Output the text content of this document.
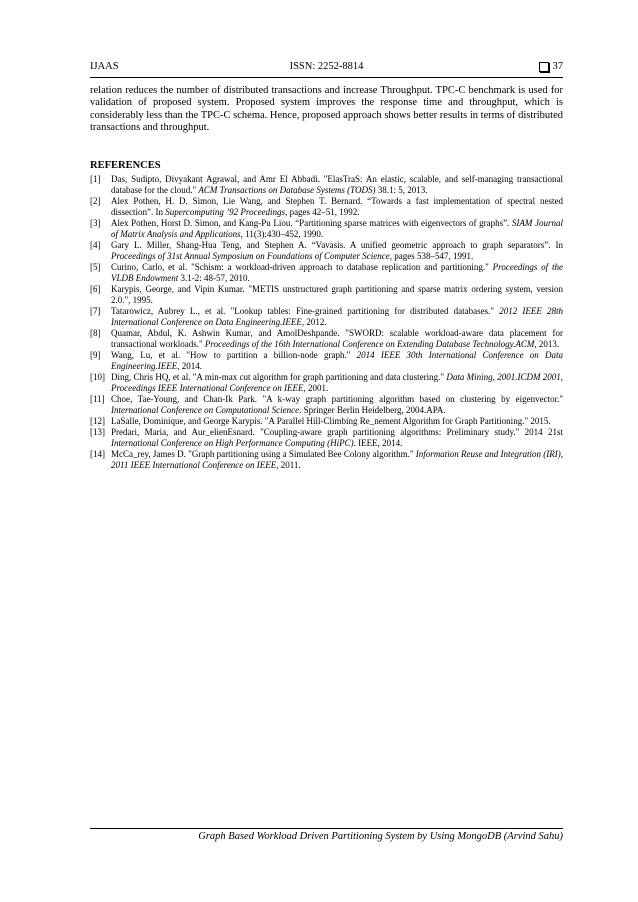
IJAAS	ISSN: 2252-8814	37

relation reduces the number of distributed transactions and increase Throughput. TPC-C benchmark is used for validation of proposed system. Proposed system improves the response time and throughput, which is considerably less than the TPC-C schema. Hence, proposed approach shows better results in terms of distributed transactions and throughput.

REFERENCES

[1] Das, Sudipto, Divyakant Agrawal, and Amr El Abbadi. "ElasTraS: An elastic, scalable, and self-managing transactional database for the cloud." ACM Transactions on Database Systems (TODS) 38.1: 5, 2013.
[2] Alex Pothen, H. D. Simon, Lie Wang, and Stephen T. Bernard. “Towards a fast implementation of spectral nested dissection”. In Supercomputing ’92 Proceedings, pages 42–51, 1992.
[3] Alex Pothen, Horst D. Simon, and Kang-Pu Liou. “Partitioning sparse matrices with eigenvectors of graphs”. SIAM Journal of Matrix Analysis and Applications, 11(3):430–452, 1990.
[4] Gary L. Miller, Shang-Hua Teng, and Stephen A. “Vavasis. A unified geometric approach to graph separators”. In Proceedings of 31st Annual Symposium on Foundations of Computer Science, pages 538–547, 1991.
[5] Curino, Carlo, et al. "Schism: a workload-driven approach to database replication and partitioning." Proceedings of the VLDB Endowment 3.1-2: 48-57, 2010.
[6] Karypis, George, and Vipin Kumar. "METIS unstructured graph partitioning and sparse matrix ordering system, version 2.0.", 1995.
[7] Tatarowicz, Aubrey L., et al. "Lookup tables: Fine-grained partitioning for distributed databases." 2012 IEEE 28th International Conference on Data Engineering.IEEE, 2012.
[8] Quamar, Abdul, K. Ashwin Kumar, and AmolDeshpande. "SWORD: scalable workload-aware data placement for transactional workloads." Proceedings of the 16th International Conference on Extending Database Technology.ACM, 2013.
[9] Wang, Lu, et al. "How to partition a billion-node graph." 2014 IEEE 30th International Conference on Data Engineering.IEEE, 2014.
[10] Ding, Chris HQ, et al. "A min-max cut algorithm for graph partitioning and data clustering." Data Mining, 2001.ICDM 2001, Proceedings IEEE International Conference on IEEE, 2001.
[11] Choe, Tae-Young, and Chan-Ik Park. "A k-way graph partitioning algorithm based on clustering by eigenvector." International Conference on Computational Science. Springer Berlin Heidelberg, 2004.APA.
[12] LaSalle, Dominique, and George Karypis. "A Parallel Hill-Climbing Re_nement Algorithm for Graph Partitioning." 2015.
[13] Predari, Maria, and Aur_elienEsnard. "Coupling-aware graph partitioning algorithms: Preliminary study." 2014 21st International Conference on High Performance Computing (HiPC). IEEE, 2014.
[14] McCa_rey, James D. "Graph partitioning using a Simulated Bee Colony algorithm." Information Reuse and Integration (IRI), 2011 IEEE International Conference on IEEE, 2011.
Graph Based Workload Driven Partitioning System by Using MongoDB (Arvind Sahu)
